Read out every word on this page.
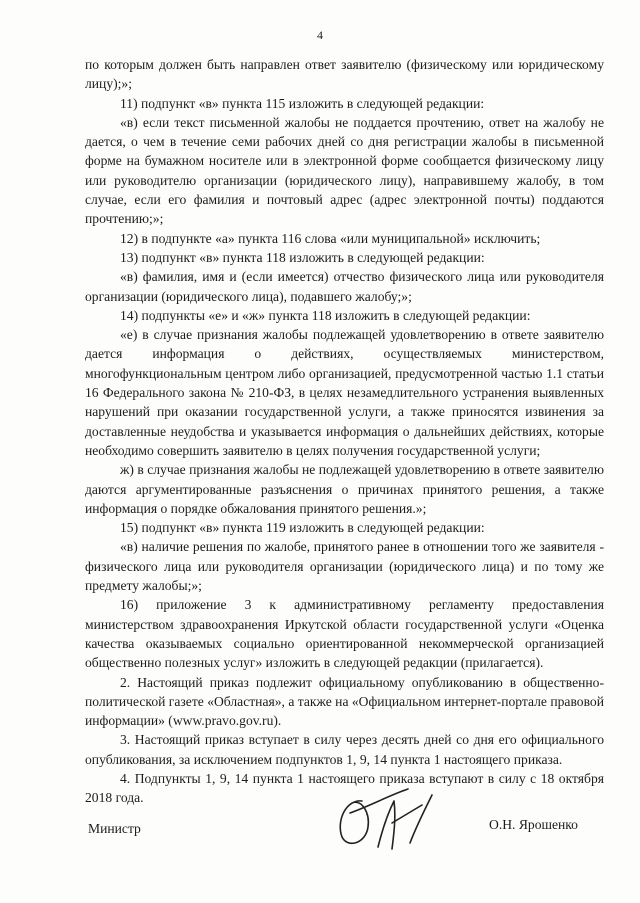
4

по которым должен быть направлен ответ заявителю (физическому или юридическому лицу);»;

11) подпункт «в» пункта 115 изложить в следующей редакции:

«в) если текст письменной жалобы не поддается прочтению, ответ на жалобу не дается, о чем в течение семи рабочих дней со дня регистрации жалобы в письменной форме на бумажном носителе или в электронной форме сообщается физическому лицу или руководителю организации (юридического лицу), направившему жалобу, в том случае, если его фамилия и почтовый адрес (адрес электронной почты) поддаются прочтению;»;

12) в подпункте «а» пункта 116 слова «или муниципальной» исключить;

13) подпункт «в» пункта 118 изложить в следующей редакции:

«в) фамилия, имя и (если имеется) отчество физического лица или руководителя организации (юридического лица), подавшего жалобу;»;

14) подпункты «е» и «ж» пункта 118 изложить в следующей редакции:

«е) в случае признания жалобы подлежащей удовлетворению в ответе заявителю дается информация о действиях, осуществляемых министерством, многофункциональным центром либо организацией, предусмотренной частью 1.1 статьи 16 Федерального закона № 210-ФЗ, в целях незамедлительного устранения выявленных нарушений при оказании государственной услуги, а также приносятся извинения за доставленные неудобства и указывается информация о дальнейших действиях, которые необходимо совершить заявителю в целях получения государственной услуги;

ж) в случае признания жалобы не подлежащей удовлетворению в ответе заявителю даются аргументированные разъяснения о причинах принятого решения, а также информация о порядке обжалования принятого решения.»;

15) подпункт «в» пункта 119 изложить в следующей редакции:

«в) наличие решения по жалобе, принятого ранее в отношении того же заявителя - физического лица или руководителя организации (юридического лица) и по тому же предмету жалобы;»;

16) приложение 3 к административному регламенту предоставления министерством здравоохранения Иркутской области государственной услуги «Оценка качества оказываемых социально ориентированной некоммерческой организацией общественно полезных услуг» изложить в следующей редакции (прилагается).

2. Настоящий приказ подлежит официальному опубликованию в общественно-политической газете «Областная», а также на «Официальном интернет-портале правовой информации» (www.pravo.gov.ru).

3. Настоящий приказ вступает в силу через десять дней со дня его официального опубликования, за исключением подпунктов 1, 9, 14 пункта 1 настоящего приказа.

4. Подпункты 1, 9, 14 пункта 1 настоящего приказа вступают в силу с 18 октября 2018 года.

Министр	О.Н. Ярошенко
